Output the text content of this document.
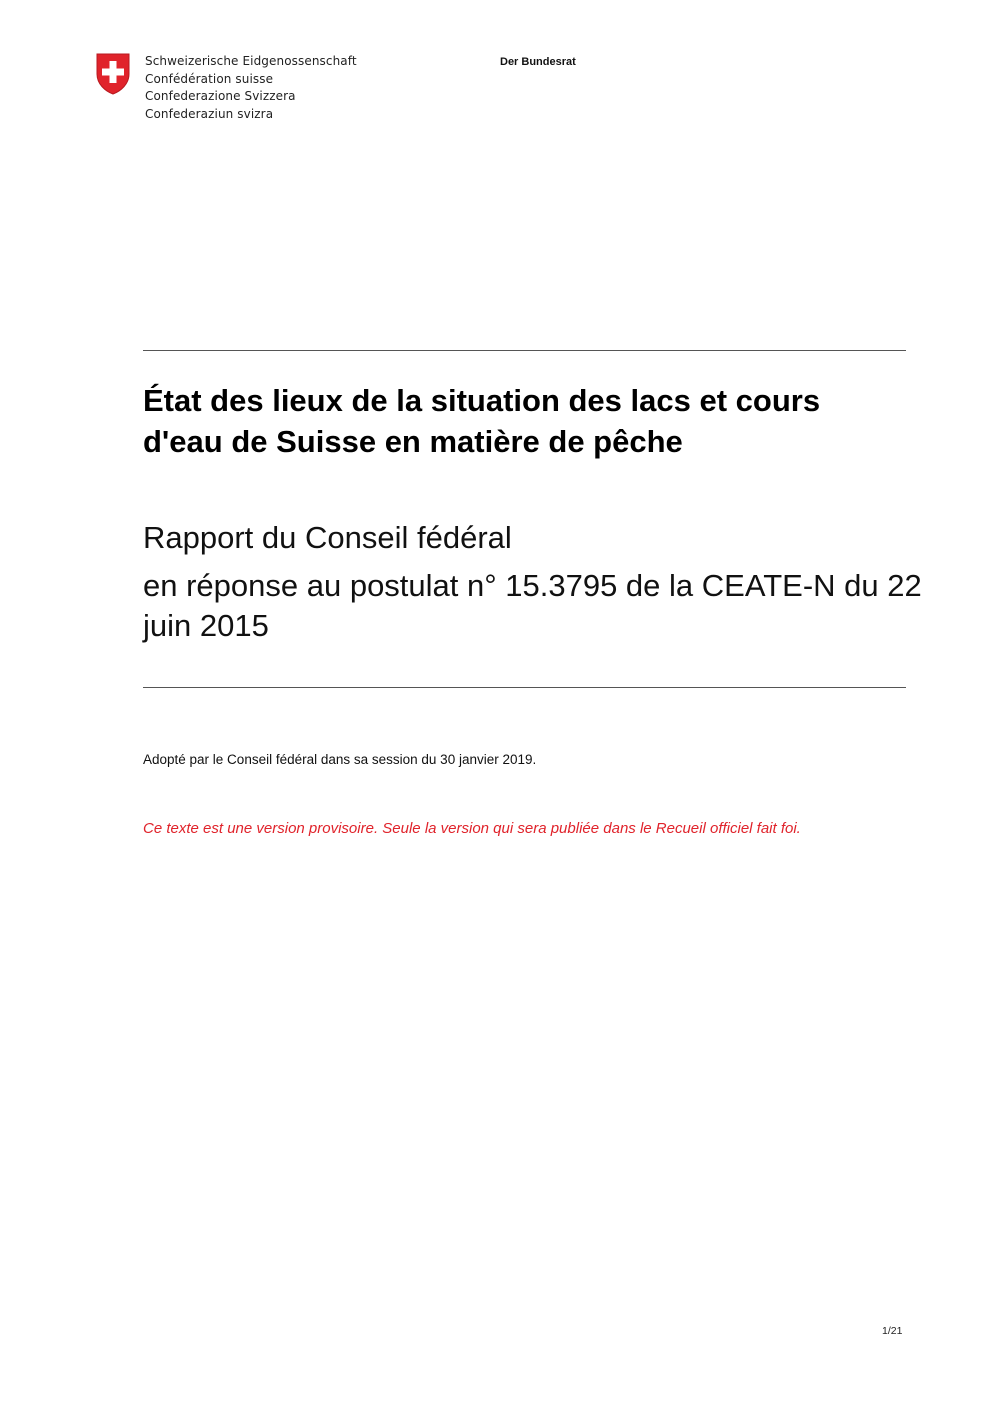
Schweizerische Eidgenossenschaft
Confédération suisse
Confederazione Svizzera
Confederaziun svizra
Der Bundesrat
État des lieux de la situation des lacs et cours d'eau de Suisse en matière de pêche
Rapport du Conseil fédéral
en réponse au postulat n° 15.3795 de la CEATE-N du 22 juin 2015
Adopté par le Conseil fédéral dans sa session du 30 janvier 2019.
Ce texte est une version provisoire. Seule la version qui sera publiée dans le Recueil officiel fait foi.
1/21
